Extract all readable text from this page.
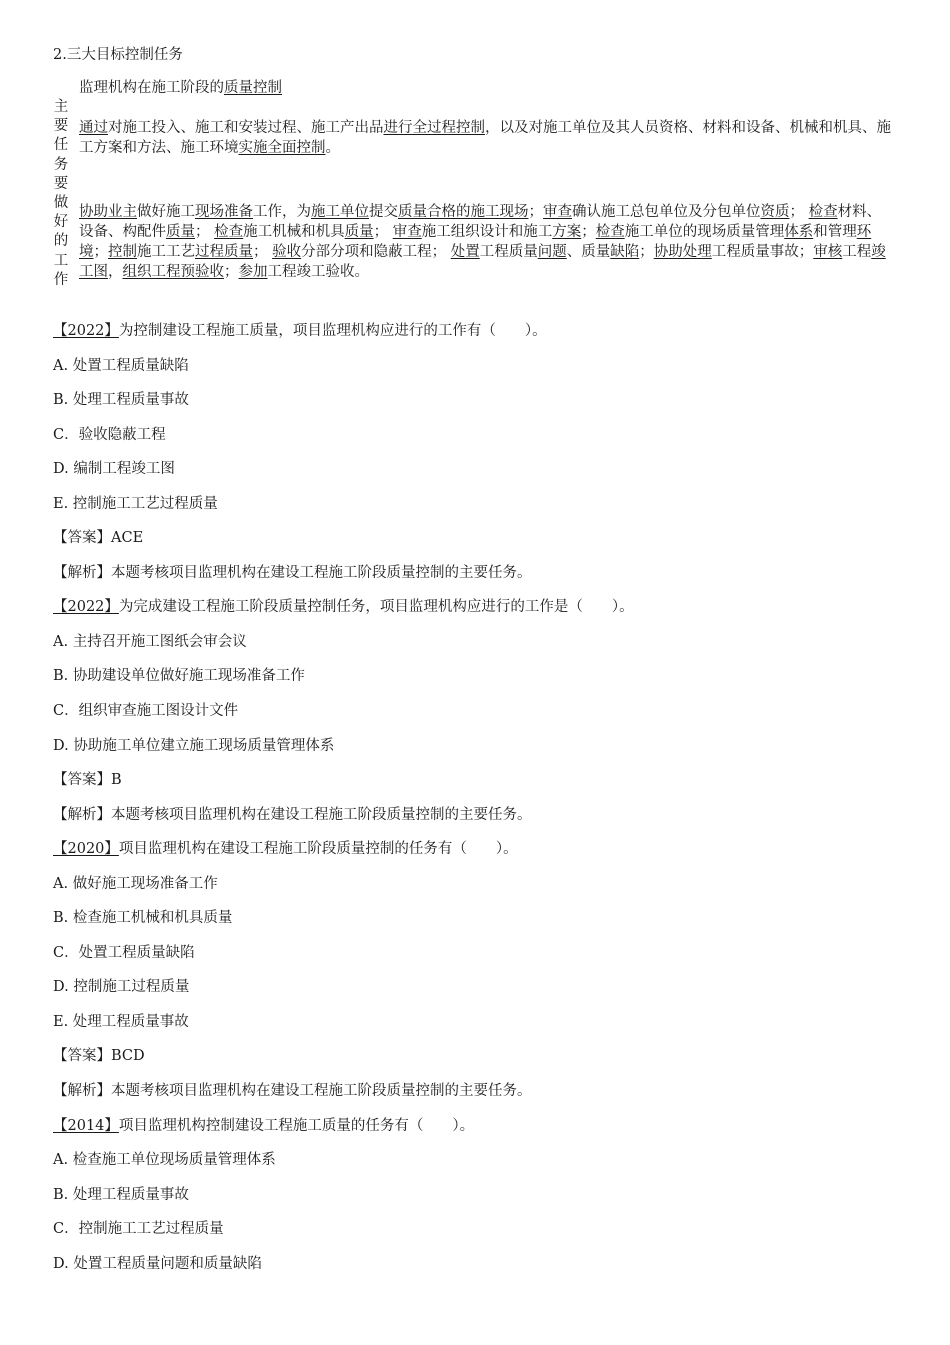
2.三大目标控制任务
主
要
任
务
要
做
好
的
工
作
监理机构在施工阶段的质量控制
通过对施工投入、施工和安装过程、施工产出品进行全过程控制，以及对施工单位及其人员资格、材料和设备、机械和机具、施工方案和方法、施工环境实施全面控制。
协助业主做好施工现场准备工作，为施工单位提交质量合格的施工现场；审查确认施工总包单位及分包单位资质； 检查材料、设备、构配件质量； 检查施工机械和机具质量； 审查施工组织设计和施工方案；检查施工单位的现场质量管理体系和管理环境；控制施工工艺过程质量； 验收分部分项和隐蔽工程； 处置工程质量问题、质量缺陷；协助处理工程质量事故；审核工程竣工图，组织工程预验收；参加工程竣工验收。
【2022】为控制建设工程施工质量，项目监理机构应进行的工作有（　　）。
A. 处置工程质量缺陷
B. 处理工程质量事故
C．验收隐蔽工程
D. 编制工程竣工图
E. 控制施工工艺过程质量
【答案】ACE
【解析】本题考核项目监理机构在建设工程施工阶段质量控制的主要任务。
【2022】为完成建设工程施工阶段质量控制任务，项目监理机构应进行的工作是（　　）。
A. 主持召开施工图纸会审会议
B. 协助建设单位做好施工现场准备工作
C．组织审查施工图设计文件
D. 协助施工单位建立施工现场质量管理体系
【答案】B
【解析】本题考核项目监理机构在建设工程施工阶段质量控制的主要任务。
【2020】项目监理机构在建设工程施工阶段质量控制的任务有（　　）。
A. 做好施工现场准备工作
B. 检查施工机械和机具质量
C．处置工程质量缺陷
D. 控制施工过程质量
E. 处理工程质量事故
【答案】BCD
【解析】本题考核项目监理机构在建设工程施工阶段质量控制的主要任务。
【2014】项目监理机构控制建设工程施工质量的任务有（　　）。
A. 检查施工单位现场质量管理体系
B. 处理工程质量事故
C．控制施工工艺过程质量
D. 处置工程质量问题和质量缺陷
